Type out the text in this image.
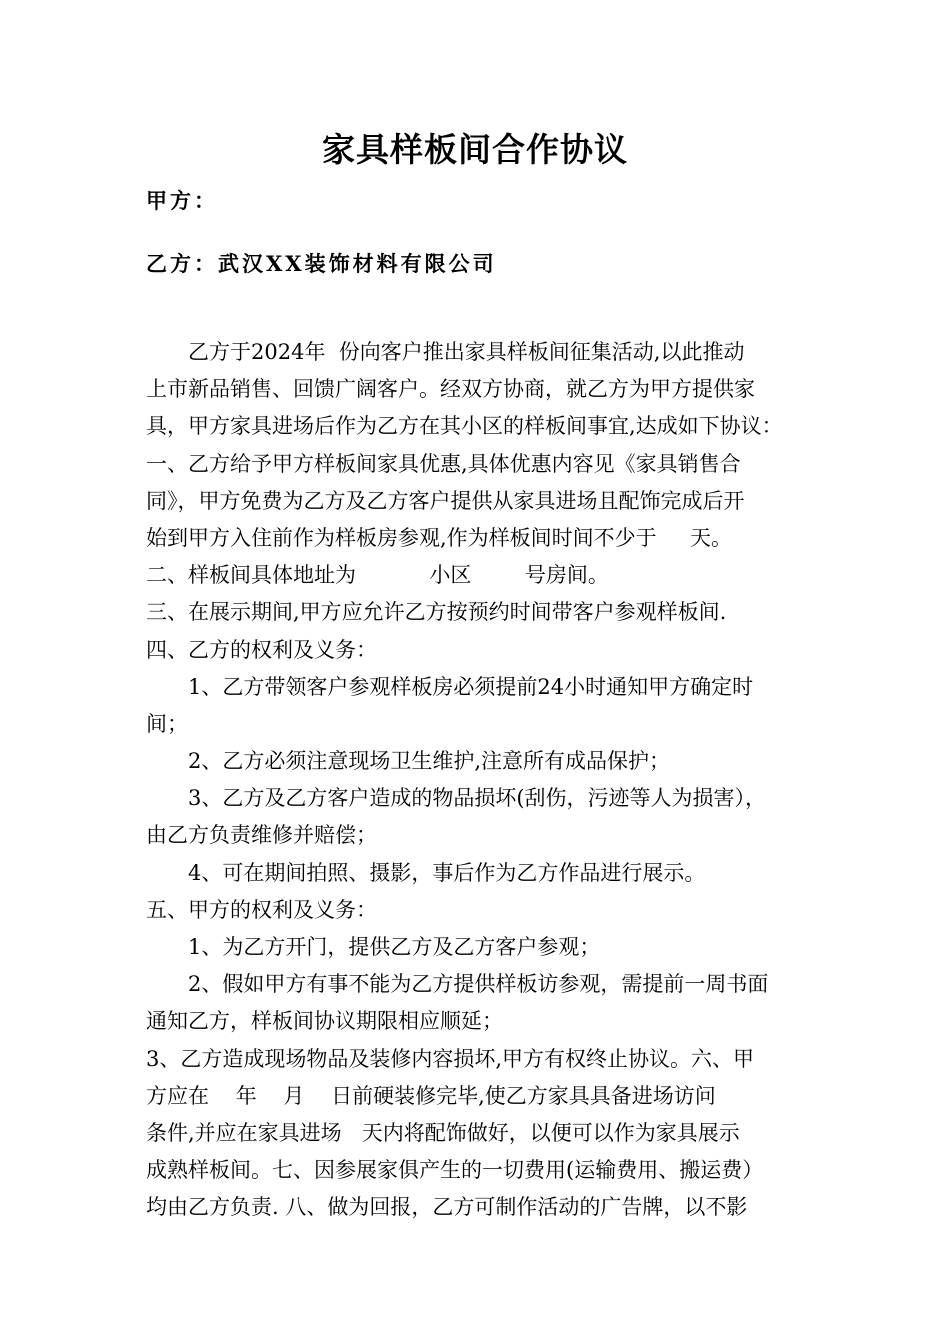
家具样板间合作协议
甲方：
乙方：武汉XX装饰材料有限公司
乙方于2024年  份向客户推出家具样板间征集活动,以此推动
上市新品销售、回馈广阔客户。经双方协商，就乙方为甲方提供家
具，甲方家具进场后作为乙方在其小区的样板间事宜,达成如下协议：
一、乙方给予甲方样板间家具优惠,具体优惠内容见《家具销售合
同》，甲方免费为乙方及乙方客户提供从家具进场且配饰完成后开
始到甲方入住前作为样板房参观,作为样板间时间不少于     天。
二、样板间具体地址为           小区        号房间。
三、在展示期间,甲方应允许乙方按预约时间带客户参观样板间.
四、乙方的权利及义务：
1、乙方带领客户参观样板房必须提前24小时通知甲方确定时
间；
2、乙方必须注意现场卫生维护,注意所有成品保护；
3、乙方及乙方客户造成的物品损坏(刮伤，污迹等人为损害），
由乙方负责维修并赔偿；
4、可在期间拍照、摄影，事后作为乙方作品进行展示。
五、甲方的权利及义务：
1、为乙方开门，提供乙方及乙方客户参观；
2、假如甲方有事不能为乙方提供样板访参观，需提前一周书面
通知乙方，样板间协议期限相应顺延；
3、乙方造成现场物品及装修内容损坏,甲方有权终止协议。六、甲
方应在    年    月    日前硬装修完毕,使乙方家具具备进场访问
条件,并应在家具进场   天内将配饰做好，以便可以作为家具展示
成熟样板间。七、因参展家俱产生的一切费用(运输费用、搬运费）
均由乙方负责. 八、做为回报，乙方可制作活动的广告牌，以不影
